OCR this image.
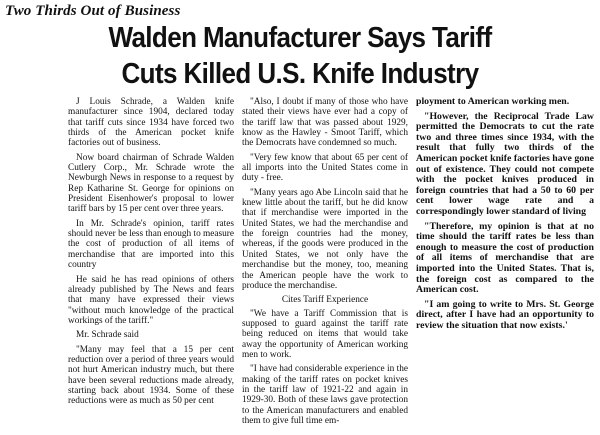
Two Thirds Out of Business
Walden Manufacturer Says Tariff
Cuts Killed U.S. Knife Industry

J Louis Schrade, a Walden knife manufacturer since 1904, declared today that tariff cuts since 1934 have forced two thirds of the American pocket knife factories out of business.

Now board chairman of Schrade Walden Cutlery Corp., Mr. Schrade wrote the Newburgh News in response to a request by Rep Katharine St. George for opinions on President Eisenhower's proposal to lower tariff bars by 15 per cent over three years.

In Mr. Schrade's opinion, tariff rates should never be less than enough to measure the cost of production of all items of merchandise that are imported into this country

He said he has read opinions of others already published by The News and fears that many have expressed their views "without much knowledge of the practical workings of the tariff."

Mr. Schrade said

"Many may feel that a 15 per cent reduction over a period of three years would not hurt American industry much, but there have been several reductions made already, starting back about 1934. Some of these reductions were as much as 50 per cent

"Also, I doubt if many of those who have stated their views have ever had a copy of the tariff law that was passed about 1929, know as the Hawley - Smoot Tariff, which the Democrats have condemned so much.

"Very few know that about 65 per cent of all imports into the United States come in duty - free.

"Many years ago Abe Lincoln said that he knew little about the tariff, but he did know that if merchandise were imported in the United States, we had the merchandise and the foreign countries had the money, whereas, if the goods were produced in the United States, we not only have the merchandise but the money, too, meaning the American people have the work to produce the merchandise.

Cites Tariff Experience

"We have a Tariff Commission that is supposed to guard against the tariff rate being reduced on items that would take away the opportunity of American working men to work.

"I have had considerable experience in the making of the tariff rates on pocket knives in the tariff law of 1921-22 and again in 1929-30. Both of these laws gave protection to the American manufacturers and enabled them to give full time em-

ployment to American working men.

"However, the Reciprocal Trade Law permitted the Democrats to cut the rate two and three times since 1934, with the result that fully two thirds of the American pocket knife factories have gone out of existence. They could not compete with the pocket knives produced in foreign countries that had a 50 to 60 per cent lower wage rate and a correspondingly lower standard of living

"Therefore, my opinion is that at no time should the tariff rates be less than enough to measure the cost of production of all items of merchandise that are imported into the United States. That is, the foreign cost as compared to the American cost.

"I am going to write to Mrs. St. George direct, after I have had an opportunity to review the situation that now exists.'
